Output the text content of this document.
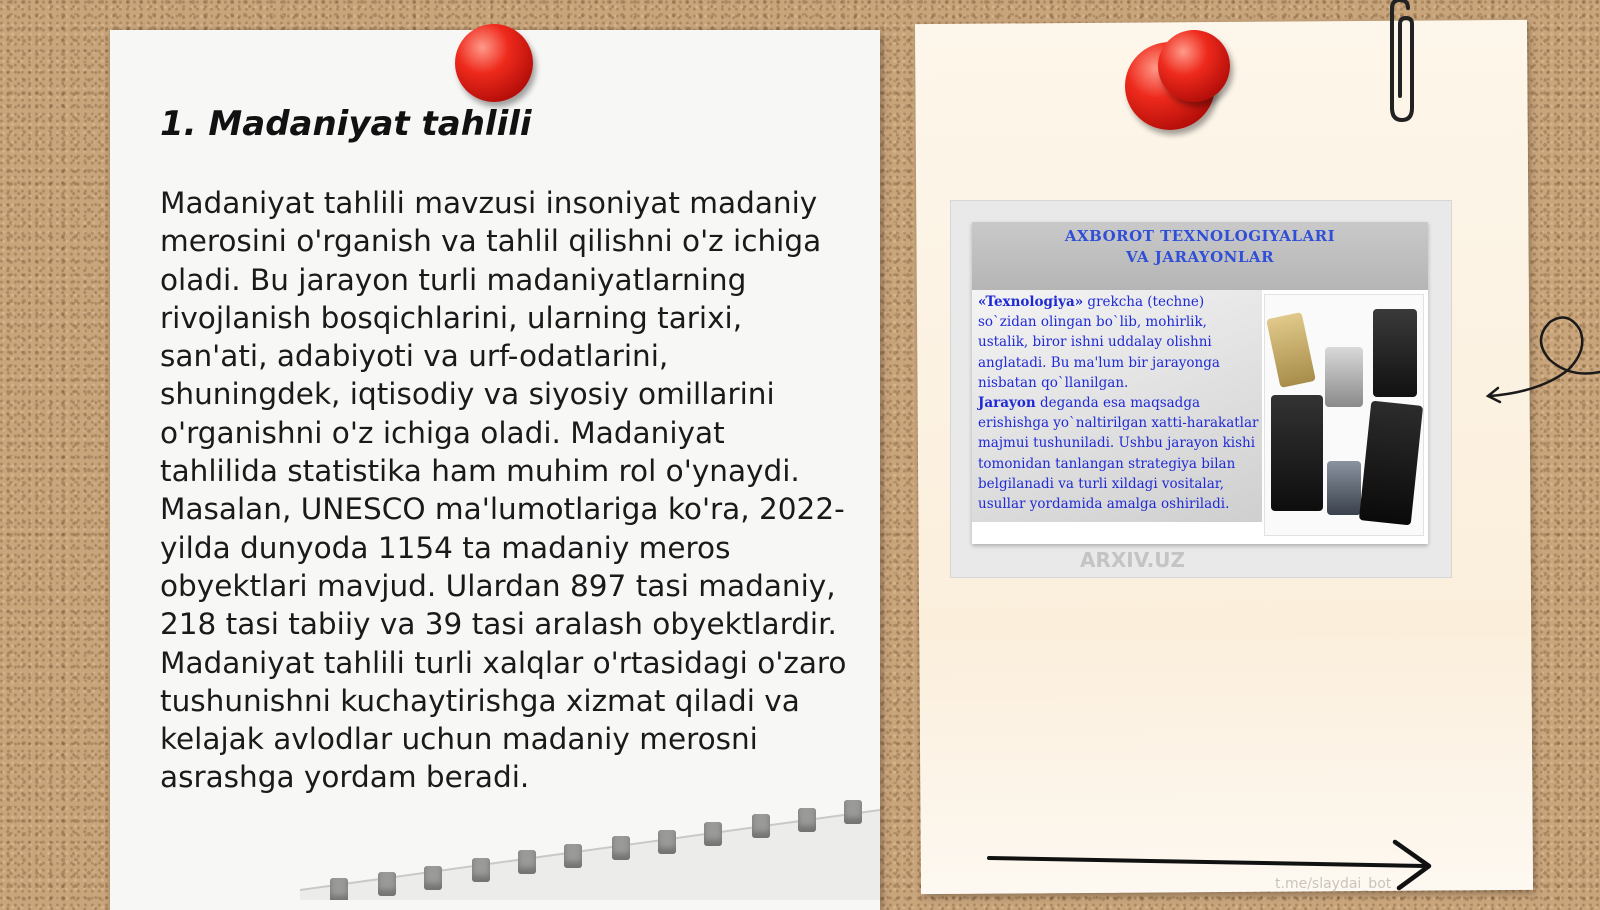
1. Madaniyat tahlili

Madaniyat tahlili mavzusi insoniyat madaniy merosini o'rganish va tahlil qilishni o'z ichiga oladi. Bu jarayon turli madaniyatlarning rivojlanish bosqichlarini, ularning tarixi, san'ati, adabiyoti va urf-odatlarini, shuningdek, iqtisodiy va siyosiy omillarini o'rganishni o'z ichiga oladi. Madaniyat tahlilida statistika ham muhim rol o'ynaydi. Masalan, UNESCO ma'lumotlariga ko'ra, 2022-yilda dunyoda 1154 ta madaniy meros obyektlari mavjud. Ulardan 897 tasi madaniy, 218 tasi tabiiy va 39 tasi aralash obyektlardir. Madaniyat tahlili turli xalqlar o'rtasidagi o'zaro tushunishni kuchaytirishga xizmat qiladi va kelajak avlodlar uchun madaniy merosni asrashga yordam beradi.

AXBOROT TEXNOLOGIYALARI
VA JARAYONLAR

«Texnologiya» grekcha (techne) so`zidan olingan bo`lib, mohirlik, ustalik, biror ishni uddalay olishni anglatadi. Bu ma'lum bir jarayonga nisbatan qo`llanilgan.
Jarayon deganda esa maqsadga erishishga yo`naltirilgan xatti-harakatlar majmui tushuniladi. Ushbu jarayon kishi tomonidan tanlangan strategiya bilan belgilanadi va turli xildagi vositalar, usullar yordamida amalga oshiriladi.

ARXIV.UZ
t.me/slaydai_bot
